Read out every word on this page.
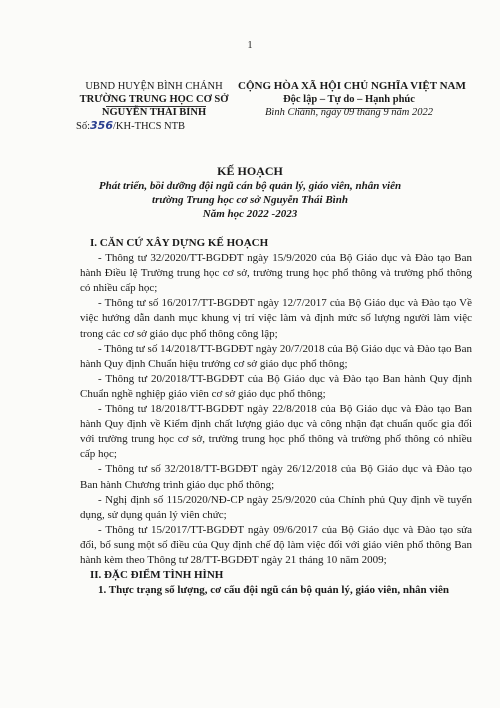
1
UBND HUYỆN BÌNH CHÁNH
TRƯỜNG TRUNG HỌC CƠ SỞ
NGUYỄN THÁI BÌNH
Số:356/KH-THCS NTB
CỘNG HÒA XÃ HỘI CHỦ NGHĨA VIỆT NAM
Độc lập – Tự do – Hạnh phúc
Bình Chánh, ngày 09 tháng 9 năm 2022
KẾ HOẠCH
Phát triển, bồi dưỡng đội ngũ cán bộ quản lý, giáo viên, nhân viên
trường Trung học cơ sở Nguyễn Thái Bình
Năm học 2022 -2023

I. CĂN CỨ XÂY DỰNG KẾ HOẠCH

- Thông tư 32/2020/TT-BGDĐT ngày 15/9/2020 của Bộ Giáo dục và Đào tạo Ban hành Điều lệ Trường trung học cơ sở, trường trung học phổ thông và trường phổ thông có nhiều cấp học;

- Thông tư số 16/2017/TT-BGDĐT ngày 12/7/2017 của Bộ Giáo dục và Đào tạo Về việc hướng dẫn danh mục khung vị trí việc làm và định mức số lượng người làm việc trong các cơ sở giáo dục phổ thông công lập;

- Thông tư số 14/2018/TT-BGDĐT ngày 20/7/2018 của Bộ Giáo dục và Đào tạo Ban hành Quy định Chuẩn hiệu trưởng cơ sở giáo dục phổ thông;

- Thông tư 20/2018/TT-BGDĐT của Bộ Giáo dục và Đào tạo Ban hành Quy định Chuẩn nghề nghiệp giáo viên cơ sở giáo dục phổ thông;

- Thông tư 18/2018/TT-BGDĐT ngày 22/8/2018 của Bộ Giáo dục và Đào tạo Ban hành Quy định về Kiểm định chất lượng giáo dục và công nhận đạt chuẩn quốc gia đối với trường trung học cơ sở, trường trung học phổ thông và trường phổ thông có nhiều cấp học;

- Thông tư số 32/2018/TT-BGDĐT ngày 26/12/2018 của Bộ Giáo dục và Đào tạo Ban hành Chương trình giáo dục phổ thông;

- Nghị định số 115/2020/NĐ-CP ngày 25/9/2020 của Chính phủ Quy định về tuyển dụng, sử dụng quản lý viên chức;

- Thông tư 15/2017/TT-BGDĐT ngày 09/6/2017 của Bộ Giáo dục và Đào tạo sửa đổi, bổ sung một số điều của Quy định chế độ làm việc đối với giáo viên phổ thông Ban hành kèm theo Thông tư 28/TT-BGDĐT ngày 21 tháng 10 năm 2009;

II. ĐẶC ĐIỂM TÌNH HÌNH

1. Thực trạng số lượng, cơ cấu đội ngũ cán bộ quản lý, giáo viên, nhân viên
